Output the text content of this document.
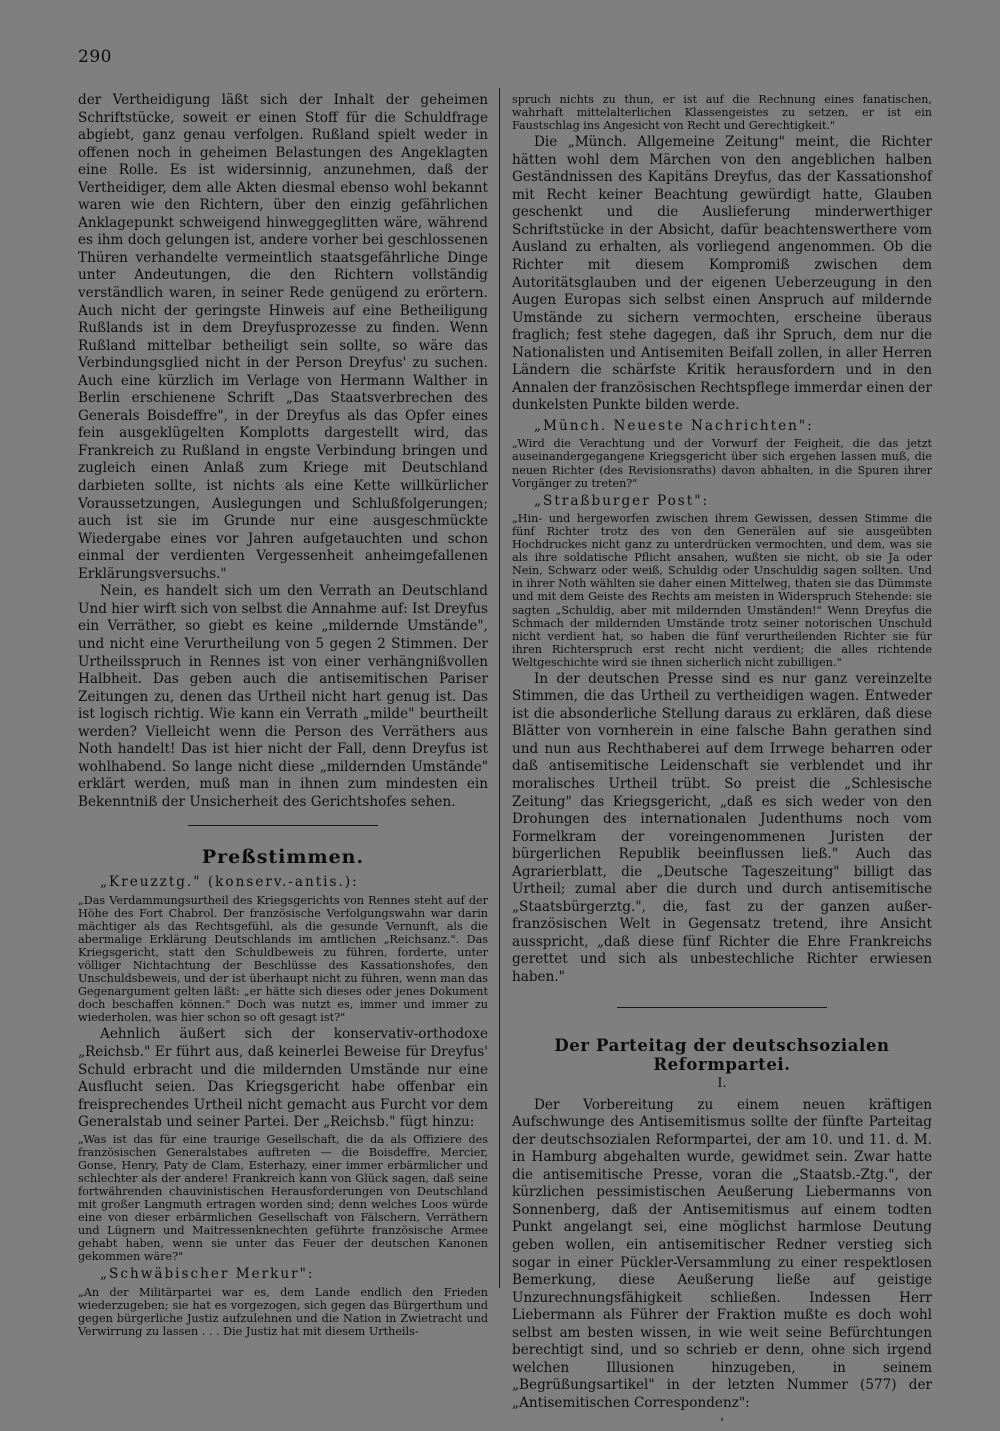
290

der Vertheidigung läßt sich der Inhalt der geheimen Schriftstücke, soweit er einen Stoff für die Schuldfrage abgiebt, ganz genau verfolgen. Rußland spielt weder in offenen noch in geheimen Belastungen des Angeklagten eine Rolle. Es ist widersinnig, anzunehmen, daß der Vertheidiger, dem alle Akten diesmal ebenso wohl bekannt waren wie den Richtern, über den einzig gefährlichen Anklagepunkt schweigend hinweggeglitten wäre, während es ihm doch gelungen ist, andere vorher bei geschlossenen Thüren verhandelte vermeintlich staatsgefährliche Dinge unter Andeutungen, die den Richtern vollständig verständlich waren, in seiner Rede genügend zu erörtern. Auch nicht der geringste Hinweis auf eine Betheiligung Rußlands ist in dem Dreyfusprozesse zu finden. Wenn Rußland mittelbar betheiligt sein sollte, so wäre das Verbindungsglied nicht in der Person Dreyfus' zu suchen. Auch eine kürzlich im Verlage von Hermann Walther in Berlin erschienene Schrift „Das Staatsverbrechen des Generals Boisdeffre", in der Dreyfus als das Opfer eines fein ausgeklügelten Komplotts dargestellt wird, das Frankreich zu Rußland in engste Verbindung bringen und zugleich einen Anlaß zum Kriege mit Deutschland darbieten sollte, ist nichts als eine Kette willkürlicher Voraussetzungen, Auslegungen und Schlußfolgerungen; auch ist sie im Grunde nur eine ausgeschmückte Wiedergabe eines vor Jahren aufgetauchten und schon einmal der verdienten Vergessenheit anheimgefallenen Erklärungsversuchs."

Nein, es handelt sich um den Verrath an Deutschland Und hier wirft sich von selbst die Annahme auf: Ist Dreyfus ein Verräther, so giebt es keine „mildernde Umstände", und nicht eine Verurtheilung von 5 gegen 2 Stimmen. Der Urtheilsspruch in Rennes ist von einer verhängnißvollen Halbheit. Das geben auch die antisemitischen Pariser Zeitungen zu, denen das Urtheil nicht hart genug ist. Das ist logisch richtig. Wie kann ein Verrath „milde" beurtheilt werden? Vielleicht wenn die Person des Verräthers aus Noth handelt! Das ist hier nicht der Fall, denn Dreyfus ist wohlhabend. So lange nicht diese „mildernden Umstände" erklärt werden, muß man in ihnen zum mindesten ein Bekenntniß der Unsicherheit des Gerichtshofes sehen.

Preßstimmen.

„Kreuzztg." (konserv.-antis.):

„Das Verdammungsurtheil des Kriegsgerichts von Rennes steht auf der Höhe des Fort Chabrol. Der französische Verfolgungswahn war darin mächtiger als das Rechtsgefühl, als die gesunde Vernunft, als die abermalige Erklärung Deutschlands im amtlichen „Reichsanz.". Das Kriegsgericht, statt den Schuldbeweis zu führen, forderte, unter völliger Nichtachtung der Beschlüsse des Kassationshofes, den Unschuldsbeweis, und der ist überhaupt nicht zu führen, wenn man das Gegenargument gelten läßt: „er hätte sich dieses oder jenes Dokument doch beschaffen können." Doch was nutzt es, immer und immer zu wiederholen, was hier schon so oft gesagt ist?"

Aehnlich äußert sich der konservativ-orthodoxe „Reichsb." Er führt aus, daß keinerlei Beweise für Dreyfus' Schuld erbracht und die mildernden Umstände nur eine Ausflucht seien. Das Kriegsgericht habe offenbar ein freisprechendes Urtheil nicht gemacht aus Furcht vor dem Generalstab und seiner Partei. Der „Reichsb." fügt hinzu:

„Was ist das für eine traurige Gesellschaft, die da als Offiziere des französischen Generalstabes auftreten — die Boisdeffre, Mercier, Gonse, Henry, Paty de Clam, Esterhazy, einer immer erbärmlicher und schlechter als der andere! Frankreich kann von Glück sagen, daß seine fortwährenden chauvinistischen Herausforderungen von Deutschland mit großer Langmuth ertragen worden sind; denn welches Loos würde eine von dieser erbärmlichen Gesellschaft von Fälschern, Verräthern und Lügnern und Maitressenknechten geführte französische Armee gehabt haben, wenn sie unter das Feuer der deutschen Kanonen gekommen wäre?"

„Schwäbischer Merkur":

„An der Militärpartei war es, dem Lande endlich den Frieden wiederzugeben; sie hat es vorgezogen, sich gegen das Bürgerthum und gegen bürgerliche Justiz aufzulehnen und die Nation in Zwietracht und Verwirrung zu lassen . . . Die Justiz hat mit diesem Urtheils-

spruch nichts zu thun, er ist auf die Rechnung eines fanatischen, wahrhaft mittelalterlichen Klassengeistes zu setzen, er ist ein Faustschlag ins Angesicht von Recht und Gerechtigkeit."

Die „Münch. Allgemeine Zeitung" meint, die Richter hätten wohl dem Märchen von den angeblichen halben Geständnissen des Kapitäns Dreyfus, das der Kassationshof mit Recht keiner Beachtung gewürdigt hatte, Glauben geschenkt und die Auslieferung minderwerthiger Schriftstücke in der Absicht, dafür beachtenswerthere vom Ausland zu erhalten, als vorliegend angenommen. Ob die Richter mit diesem Kompromiß zwischen dem Autoritätsglauben und der eigenen Ueberzeugung in den Augen Europas sich selbst einen Anspruch auf mildernde Umstände zu sichern vermochten, erscheine überaus fraglich; fest stehe dagegen, daß ihr Spruch, dem nur die Nationalisten und Antisemiten Beifall zollen, in aller Herren Ländern die schärfste Kritik herausfordern und in den Annalen der französischen Rechtspflege immerdar einen der dunkelsten Punkte bilden werde.

„Münch. Neueste Nachrichten":

„Wird die Verachtung und der Vorwurf der Feigheit, die das jetzt auseinandergegangene Kriegsgericht über sich ergehen lassen muß, die neuen Richter (des Revisionsraths) davon abhalten, in die Spuren ihrer Vorgänger zu treten?"

„Straßburger Post":

„Hin- und hergeworfen zwischen ihrem Gewissen, dessen Stimme die fünf Richter trotz des von den Generälen auf sie ausgeübten Hochdruckes nicht ganz zu unterdrücken vermochten, und dem, was sie als ihre soldatische Pflicht ansahen, wußten sie nicht, ob sie Ja oder Nein, Schwarz oder weiß, Schuldig oder Unschuldig sagen sollten. Und in ihrer Noth wählten sie daher einen Mittelweg, thaten sie das Dümmste und mit dem Geiste des Rechts am meisten in Widerspruch Stehende: sie sagten „Schuldig, aber mit mildernden Umständen!" Wenn Dreyfus die Schmach der mildernden Umstände trotz seiner notorischen Unschuld nicht verdient hat, so haben die fünf verurtheilenden Richter sie für ihren Richterspruch erst recht nicht verdient; die alles richtende Weltgeschichte wird sie ihnen sicherlich nicht zubilligen."

In der deutschen Presse sind es nur ganz vereinzelte Stimmen, die das Urtheil zu vertheidigen wagen. Entweder ist die absonderliche Stellung daraus zu erklären, daß diese Blätter von vornherein in eine falsche Bahn gerathen sind und nun aus Rechthaberei auf dem Irrwege beharren oder daß antisemitische Leidenschaft sie verblendet und ihr moralisches Urtheil trübt. So preist die „Schlesische Zeitung" das Kriegsgericht, „daß es sich weder von den Drohungen des internationalen Judenthums noch vom Formelkram der voreingenommenen Juristen der bürgerlichen Republik beeinflussen ließ." Auch das Agrarierblatt, die „Deutsche Tageszeitung" billigt das Urtheil; zumal aber die durch und durch antisemitische „Staatsbürgerztg.", die, fast zu der ganzen außer-französischen Welt in Gegensatz tretend, ihre Ansicht ausspricht, „daß diese fünf Richter die Ehre Frankreichs gerettet und sich als unbestechliche Richter erwiesen haben."

Der Parteitag der deutschsozialen Reformpartei.
I.

Der Vorbereitung zu einem neuen kräftigen Aufschwunge des Antisemitismus sollte der fünfte Parteitag der deutschsozialen Reformpartei, der am 10. und 11. d. M. in Hamburg abgehalten wurde, gewidmet sein. Zwar hatte die antisemitische Presse, voran die „Staatsb.-Ztg.", der kürzlichen pessimistischen Aeußerung Liebermanns von Sonnenberg, daß der Antisemitismus auf einem todten Punkt angelangt sei, eine möglichst harmlose Deutung geben wollen, ein antisemitischer Redner verstieg sich sogar in einer Pückler-Versammlung zu einer respektlosen Bemerkung, diese Aeußerung ließe auf geistige Unzurechnungsfähigkeit schließen. Indessen Herr Liebermann als Führer der Fraktion mußte es doch wohl selbst am besten wissen, in wie weit seine Befürchtungen berechtigt sind, und so schrieb er denn, ohne sich irgend welchen Illusionen hinzugeben, in seinem „Begrüßungsartikel" in der letzten Nummer (577) der „Antisemitischen Correspondenz":

'
